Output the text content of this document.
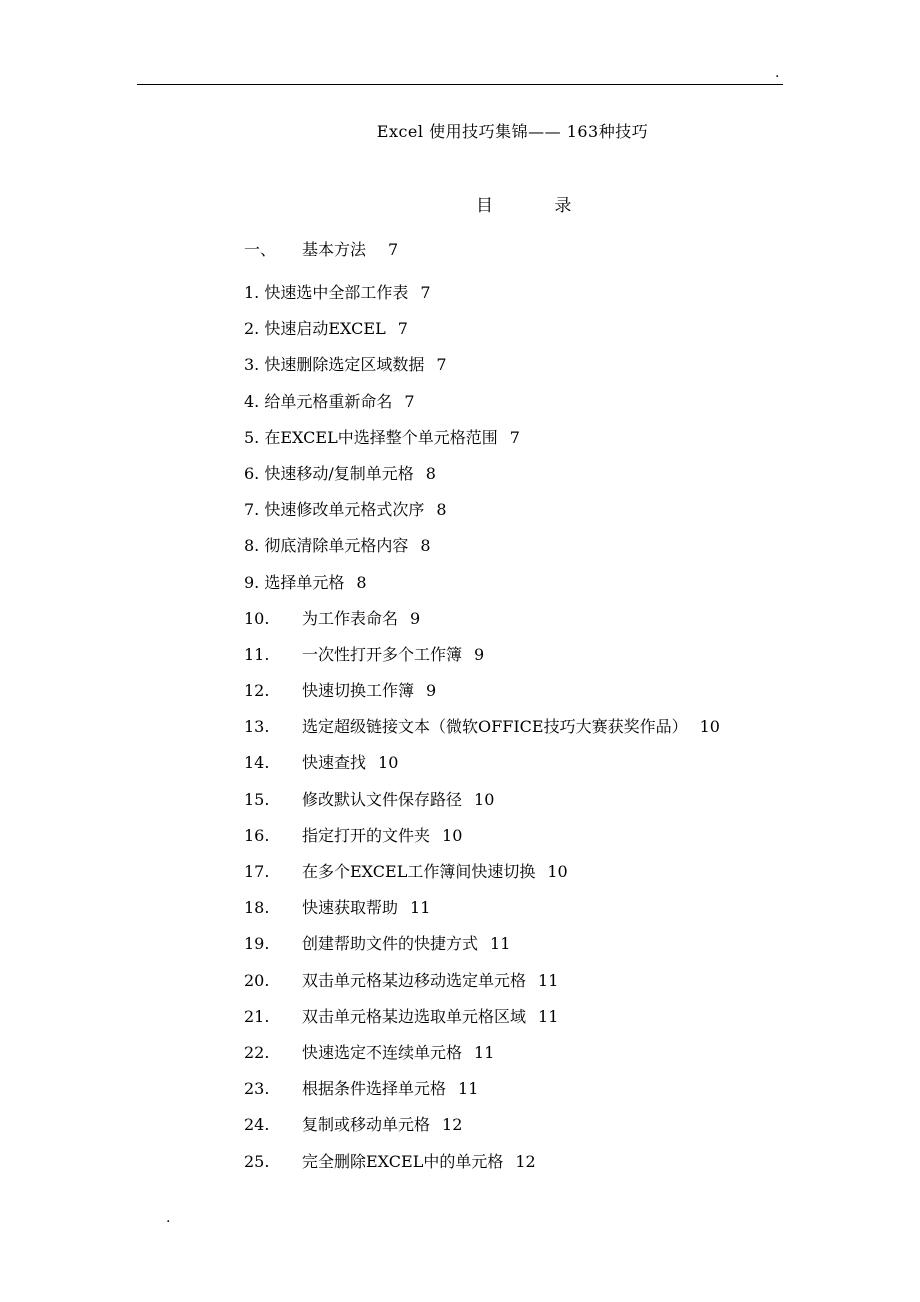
.
Excel 使用技巧集锦—— 163种技巧
目 录
一、 基本方法 7
1. 快速选中全部工作表 7
2. 快速启动EXCEL 7
3. 快速删除选定区域数据 7
4. 给单元格重新命名 7
5. 在EXCEL中选择整个单元格范围 7
6. 快速移动/复制单元格 8
7. 快速修改单元格式次序 8
8. 彻底清除单元格内容 8
9. 选择单元格 8
10. 为工作表命名 9
11. 一次性打开多个工作簿 9
12. 快速切换工作簿 9
13. 选定超级链接文本（微软OFFICE技巧大赛获奖作品） 10
14. 快速查找 10
15. 修改默认文件保存路径 10
16. 指定打开的文件夹 10
17. 在多个EXCEL工作簿间快速切换 10
18. 快速获取帮助 11
19. 创建帮助文件的快捷方式 11
20. 双击单元格某边移动选定单元格 11
21. 双击单元格某边选取单元格区域 11
22. 快速选定不连续单元格 11
23. 根据条件选择单元格 11
24. 复制或移动单元格 12
25. 完全删除EXCEL中的单元格 12
.
